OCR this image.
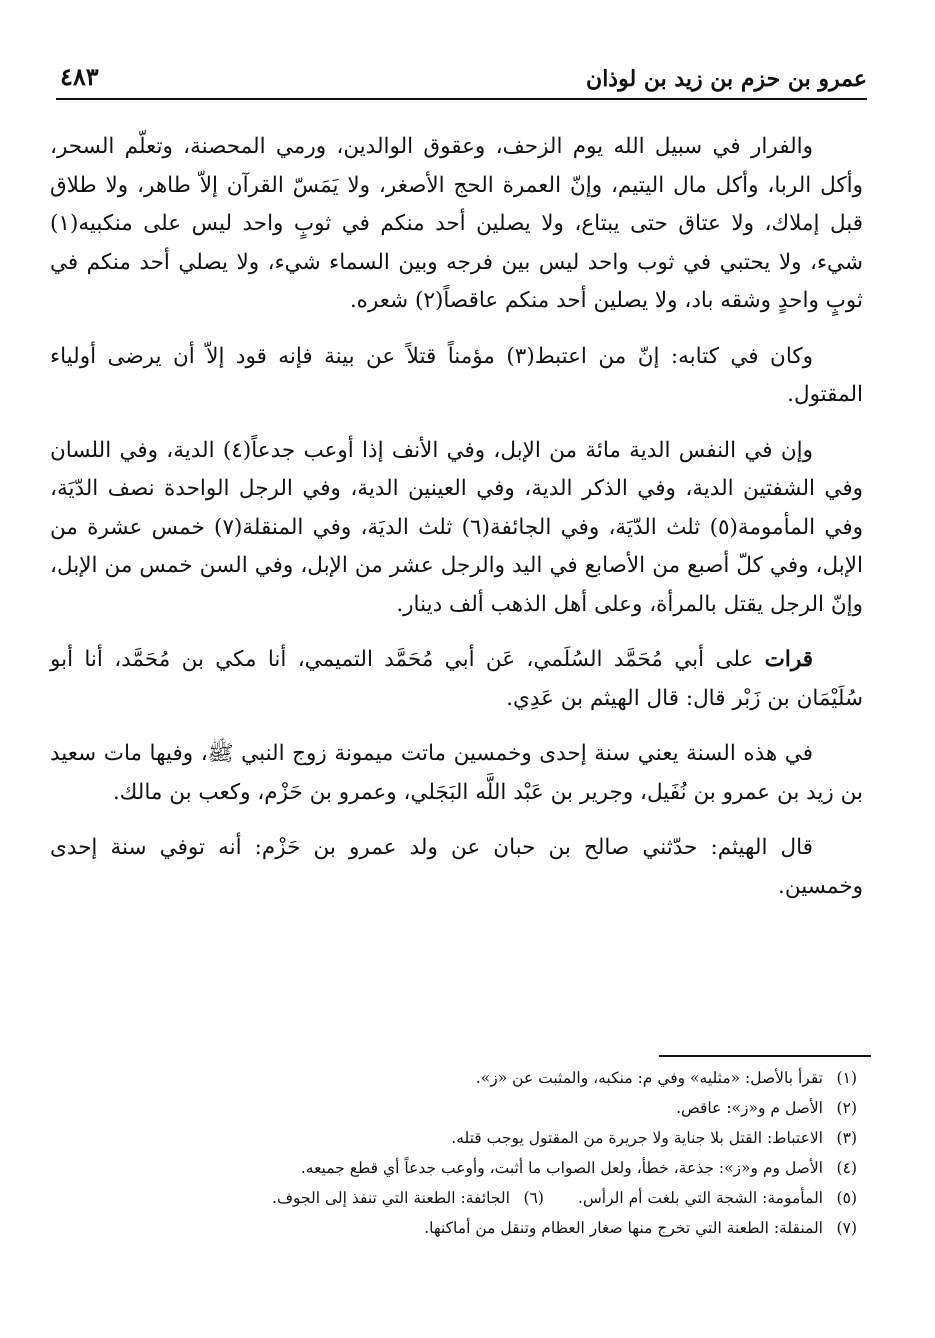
عمرو بن حزم بن زيد بن لوذان
٤٨٣

والفرار في سبيل الله يوم الزحف، وعقوق الوالدين، ورمي المحصنة، وتعلّم السحر، وأكل الربا، وأكل مال اليتيم، وإنّ العمرة الحج الأصغر، ولا يَمَسّ القرآن إلاّ طاهر، ولا طلاق قبل إملاك، ولا عتاق حتى يبتاع، ولا يصلين أحد منكم في ثوبٍ واحد ليس على منكبيه(١) شيء، ولا يحتبي في ثوب واحد ليس بين فرجه وبين السماء شيء، ولا يصلي أحد منكم في ثوبٍ واحدٍ وشقه باد، ولا يصلين أحد منكم عاقصاً(٢) شعره.

وكان في كتابه: إنّ من اعتبط(٣) مؤمناً قتلاً عن بينة فإنه قود إلاّ أن يرضى أولياء المقتول.

وإن في النفس الدية مائة من الإبل، وفي الأنف إذا أوعب جدعاً(٤) الدية، وفي اللسان وفي الشفتين الدية، وفي الذكر الدية، وفي العينين الدية، وفي الرجل الواحدة نصف الدّيَة، وفي المأمومة(٥) ثلث الدّيَة، وفي الجائفة(٦) ثلث الديَة، وفي المنقلة(٧) خمس عشرة من الإبل، وفي كلّ أصبع من الأصابع في اليد والرجل عشر من الإبل، وفي السن خمس من الإبل، وإنّ الرجل يقتل بالمرأة، وعلى أهل الذهب ألف دينار.

قرات على أبي مُحَمَّد السُلَمي، عَن أبي مُحَمَّد التميمي، أنا مكي بن مُحَمَّد، أنا أبو سُلَيْمَان بن زَبْر قال: قال الهيثم بن عَدِي.

في هذه السنة يعني سنة إحدى وخمسين ماتت ميمونة زوج النبي ﷺ، وفيها مات سعيد بن زيد بن عمرو بن نُفَيل، وجرير بن عَبْد اللَّه البَجَلي، وعمرو بن حَزْم، وكعب بن مالك.

قال الهيثم: حدّثني صالح بن حبان عن ولد عمرو بن حَزْم: أنه توفي سنة إحدى وخمسين.

(١)تقرأ بالأصل: «مثليه» وفي م: منكبه، والمثبت عن «ز».
(٢)الأصل م و«ز»: عاقص.
(٣)الاعتباط: القتل بلا جناية ولا جريرة من المقتول يوجب قتله.
(٤)الأصل وم و«ز»: جذعة، خطأ، ولعل الصواب ما أثبت، وأوعب جدعاً أي قطع جميعه.
(٥)المأمومة: الشجة التي بلغت أم الرأس.
(٦)الجائفة: الطعنة التي تنفذ إلى الجوف.
(٧)المنقلة: الطعنة التي تخرج منها صغار العظام وتنقل من أماكنها.
